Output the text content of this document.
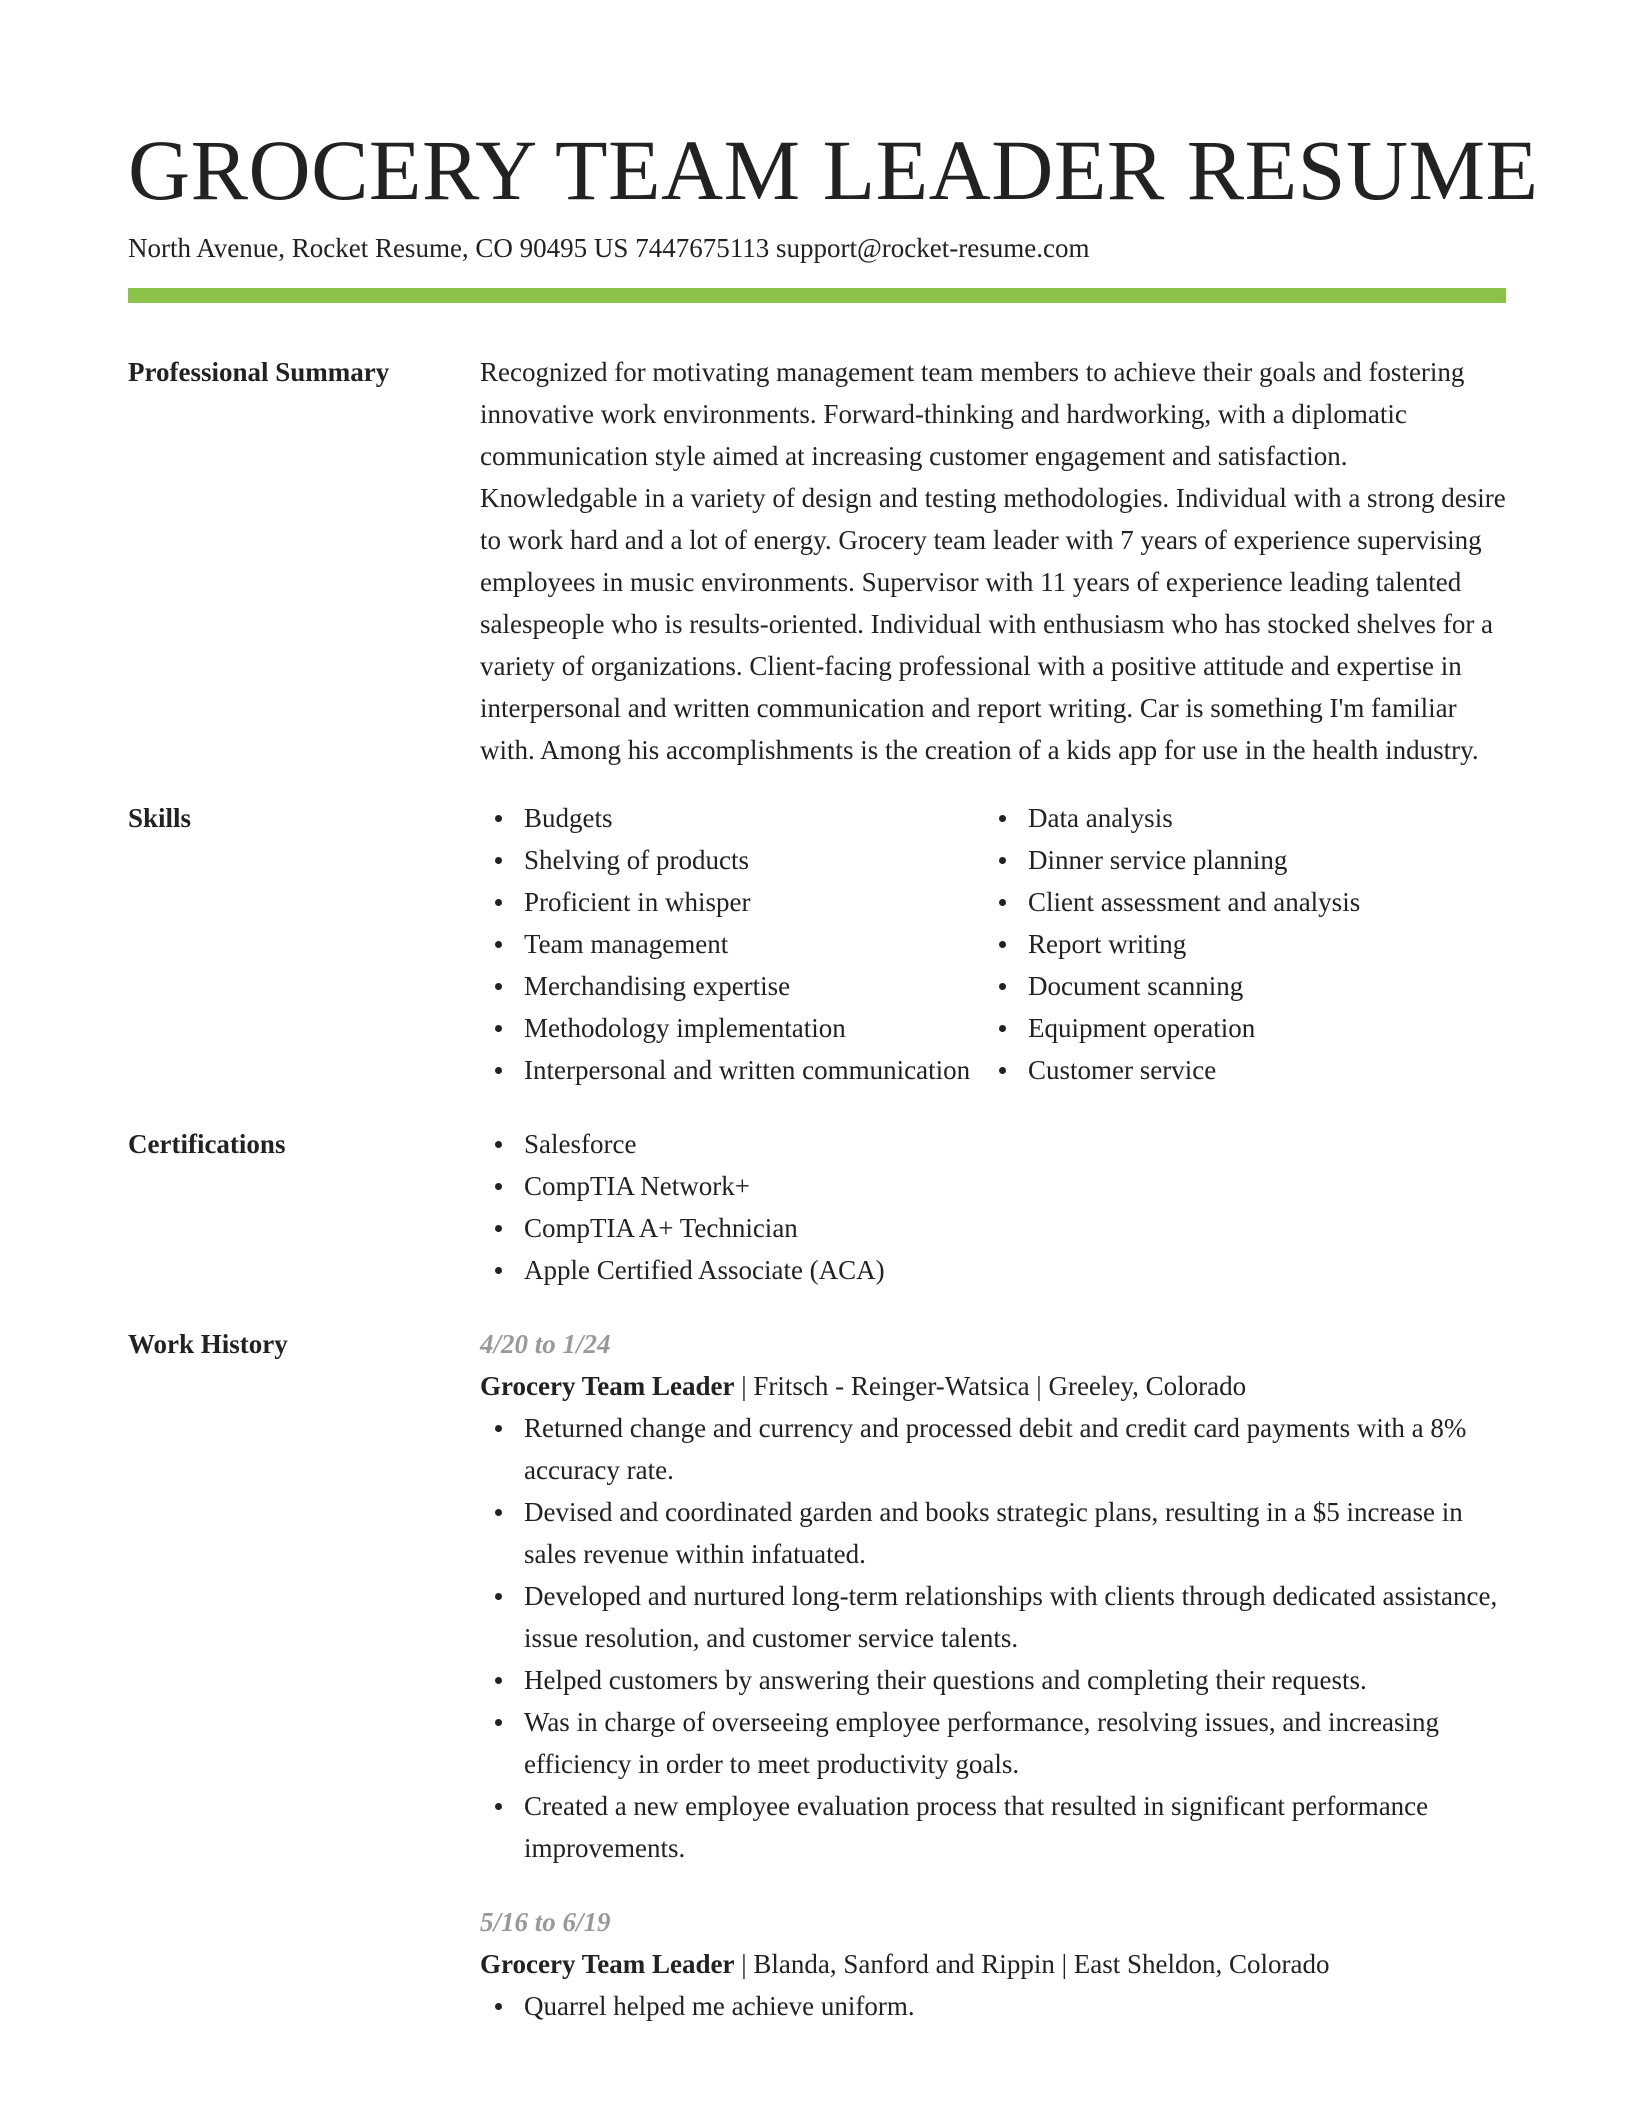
GROCERY TEAM LEADER RESUME
North Avenue, Rocket Resume, CO 90495 US 7447675113 support@rocket-resume.com
Professional Summary	Recognized for motivating management team members to achieve their goals and fostering innovative work environments. Forward-thinking and hardworking, with a diplomatic communication style aimed at increasing customer engagement and satisfaction. Knowledgable in a variety of design and testing methodologies. Individual with a strong desire to work hard and a lot of energy. Grocery team leader with 7 years of experience supervising employees in music environments. Supervisor with 11 years of experience leading talented salespeople who is results-oriented. Individual with enthusiasm who has stocked shelves for a variety of organizations. Client-facing professional with a positive attitude and expertise in interpersonal and written communication and report writing. Car is something I'm familiar with. Among his accomplishments is the creation of a kids app for use in the health industry.

Skills	Budgets
Shelving of products
Proficient in whisper
Team management
Merchandising expertise
Methodology implementation
Interpersonal and written communication
Data analysis
Dinner service planning
Client assessment and analysis
Report writing
Document scanning
Equipment operation
Customer service
Certifications	Salesforce
CompTIA Network+
CompTIA A+ Technician
Apple Certified Associate (ACA)
Work History	4/20 to 1/24
Grocery Team Leader | Fritsch - Reinger-Watsica | Greeley, Colorado
Returned change and currency and processed debit and credit card payments with a 8% accuracy rate.
Devised and coordinated garden and books strategic plans, resulting in a $5 increase in sales revenue within infatuated.
Developed and nurtured long-term relationships with clients through dedicated assistance, issue resolution, and customer service talents.
Helped customers by answering their questions and completing their requests.
Was in charge of overseeing employee performance, resolving issues, and increasing efficiency in order to meet productivity goals.
Created a new employee evaluation process that resulted in significant performance improvements.
5/16 to 6/19
Grocery Team Leader | Blanda, Sanford and Rippin | East Sheldon, Colorado
Quarrel helped me achieve uniform.
